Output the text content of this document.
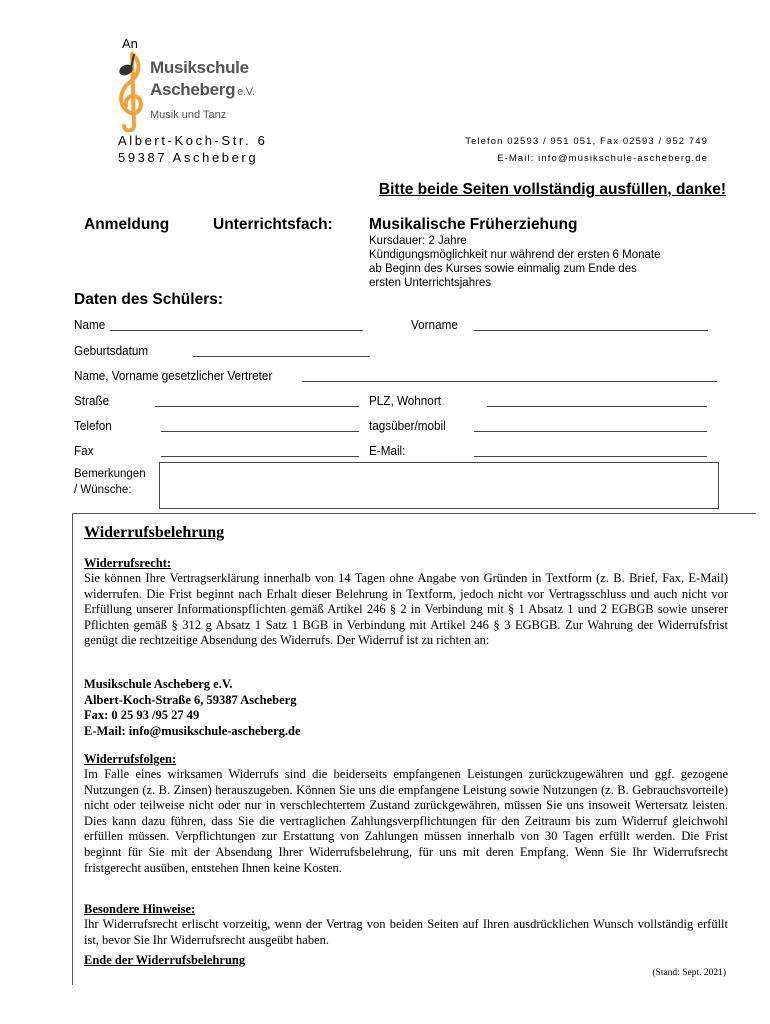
An
Musikschule
Ascheberg e.V.
Musik und Tanz
Albert-Koch-Str. 6
59387 Ascheberg
Telefon 02593 / 951 051, Fax 02593 / 952 749
E-Mail: info@musikschule-ascheberg.de
Bitte beide Seiten vollständig ausfüllen, danke!
Anmeldung	Unterrichtsfach: Musikalische Früherziehung
Kursdauer: 2 Jahre
Kündigungsmöglichkeit nur während der ersten 6 Monate
ab Beginn des Kurses sowie einmalig zum Ende des
ersten Unterrichtsjahres
Daten des Schülers:
Name	Vorname
Geburtsdatum
Name, Vorname gesetzlicher Vertreter
Straße	PLZ, Wohnort
Telefon	tagsüber/mobil
Fax	E-Mail:
Bemerkungen
/ Wünsche:
Widerrufsbelehrung
Widerrufsrecht:
Sie können Ihre Vertragserklärung innerhalb von 14 Tagen ohne Angabe von Gründen in Textform (z. B. Brief, Fax, E-Mail) widerrufen. Die Frist beginnt nach Erhalt dieser Belehrung in Textform, jedoch nicht vor Vertragsschluss und auch nicht vor Erfüllung unserer Informationspflichten gemäß Artikel 246 § 2 in Verbindung mit § 1 Absatz 1 und 2 EGBGB sowie unserer Pflichten gemäß § 312 g Absatz 1 Satz 1 BGB in Verbindung mit Artikel 246 § 3 EGBGB. Zur Wahrung der Widerrufsfrist genügt die rechtzeitige Absendung des Widerrufs. Der Widerruf ist zu richten an:
Musikschule Ascheberg e.V.
Albert-Koch-Straße 6, 59387 Ascheberg
Fax: 0 25 93 /95 27 49
E-Mail: info@musikschule-ascheberg.de
Widerrufsfolgen:
Im Falle eines wirksamen Widerrufs sind die beiderseits empfangenen Leistungen zurückzugewähren und ggf. gezogene Nutzungen (z. B. Zinsen) herauszugeben. Können Sie uns die empfangene Leistung sowie Nutzungen (z. B. Gebrauchsvorteile) nicht oder teilweise nicht oder nur in verschlechtertem Zustand zurückgewähren, müssen Sie uns insoweit Wertersatz leisten. Dies kann dazu führen, dass Sie die vertraglichen Zahlungsverpflichtungen für den Zeitraum bis zum Widerruf gleichwohl erfüllen müssen. Verpflichtungen zur Erstattung von Zahlungen müssen innerhalb von 30 Tagen erfüllt werden. Die Frist beginnt für Sie mit der Absendung Ihrer Widerrufsbelehrung, für uns mit deren Empfang. Wenn Sie Ihr Widerrufsrecht fristgerecht ausüben, entstehen Ihnen keine Kosten.
Besondere Hinweise:
Ihr Widerrufsrecht erlischt vorzeitig, wenn der Vertrag von beiden Seiten auf Ihren ausdrücklichen Wunsch vollständig erfüllt ist, bevor Sie Ihr Widerrufsrecht ausgeübt haben.
Ende der Widerrufsbelehrung
(Stand: Sept. 2021)
